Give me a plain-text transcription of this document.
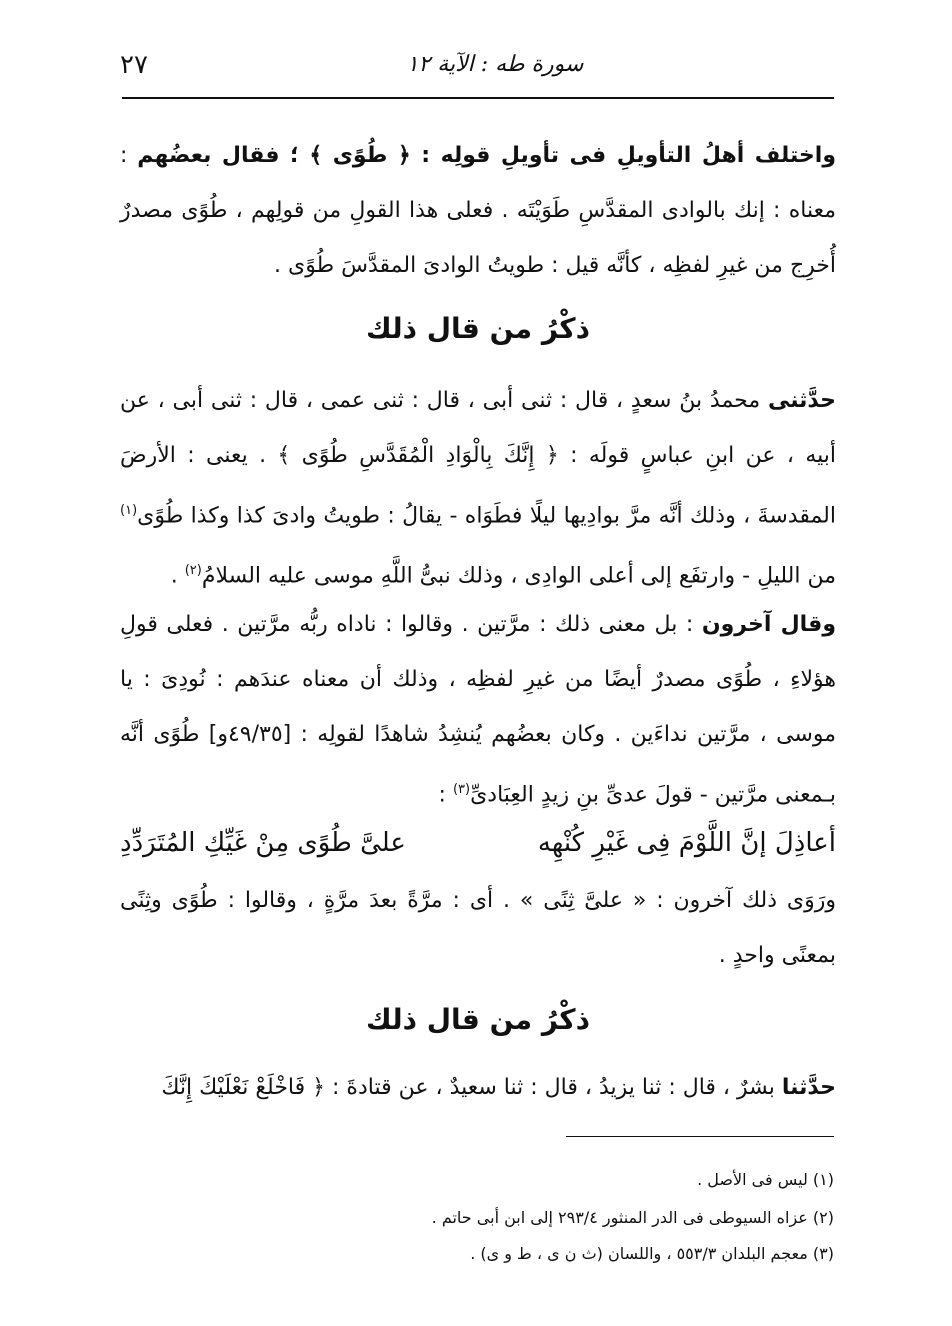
٢٧	سورة طه : الآية ١٢

واختلف أهلُ التأويلِ فى تأويلِ قولِه : ﴿ طُوًى ﴾ ؛ فقال بعضُهم : معناه : إنك بالوادى المقدَّسِ طَوَيْتَه . فعلى هذا القولِ من قولِهم ، طُوًى مصدرٌ أُخرِج من غيرِ لفظِه ، كأنَّه قيل : طويتُ الوادىَ المقدَّسَ طُوًى .

ذكْرُ من قال ذلك

حدَّثنى محمدُ بنُ سعدٍ ، قال : ثنى أبى ، قال : ثنى عمى ، قال : ثنى أبى ، عن أبيه ، عن ابنِ عباسٍ قولَه : ﴿ إِنَّكَ بِالْوَادِ الْمُقَدَّسِ طُوًى ﴾ . يعنى : الأرضَ المقدسةَ ، وذلك أنَّه مرَّ بوادِيها ليلًا فطَوَاه - يقالُ : طويتُ وادىَ كذا وكذا طُوًى$^{(١)}$ من الليلِ - وارتفَع إلى أعلى الوادِى ، وذلك نبىُّ اللَّهِ موسى عليه السلامُ$^{(٢)}$ .

وقال آخرون : بل معنى ذلك : مرَّتين . وقالوا : ناداه ربُّه مرَّتين . فعلى قولِ هؤلاءِ ، طُوًى مصدرٌ أيضًا من غيرِ لفظِه ، وذلك أن معناه عندَهم : نُودِىَ : يا موسى ، مرَّتين نداءَين . وكان بعضُهم يُنشِدُ شاهدًا لقولِه : [٤٩/٣٥و] طُوًى أنَّه بـمعنى مرَّتين - قولَ عدىِّ بنِ زيدٍ العِبَادىِّ$^{(٣)}$ :

أعاذِلَ إنَّ اللَّوْمَ فِى غَيْرِ كُنْهِه
علىَّ طُوًى مِنْ غَيِّكِ المُتَرَدِّدِ

ورَوَى ذلك آخرون : « علىَّ ثِنًى » . أى : مرَّةً بعدَ مرَّةٍ ، وقالوا : طُوًى وثِنًى بمعنًى واحدٍ .

ذكْرُ من قال ذلك

حدَّثنا بشرٌ ، قال : ثنا يزيدُ ، قال : ثنا سعيدٌ ، عن قتادةَ : ﴿ فَاخْلَعْ نَعْلَيْكَ إِنَّكَ

(١) ليس فى الأصل .

(٢) عزاه السيوطى فى الدر المنثور ٢٩٣/٤ إلى ابن أبى حاتم .

(٣) معجم البلدان ٥٥٣/٣ ، واللسان (ث ن ى ، ط و ى) .
